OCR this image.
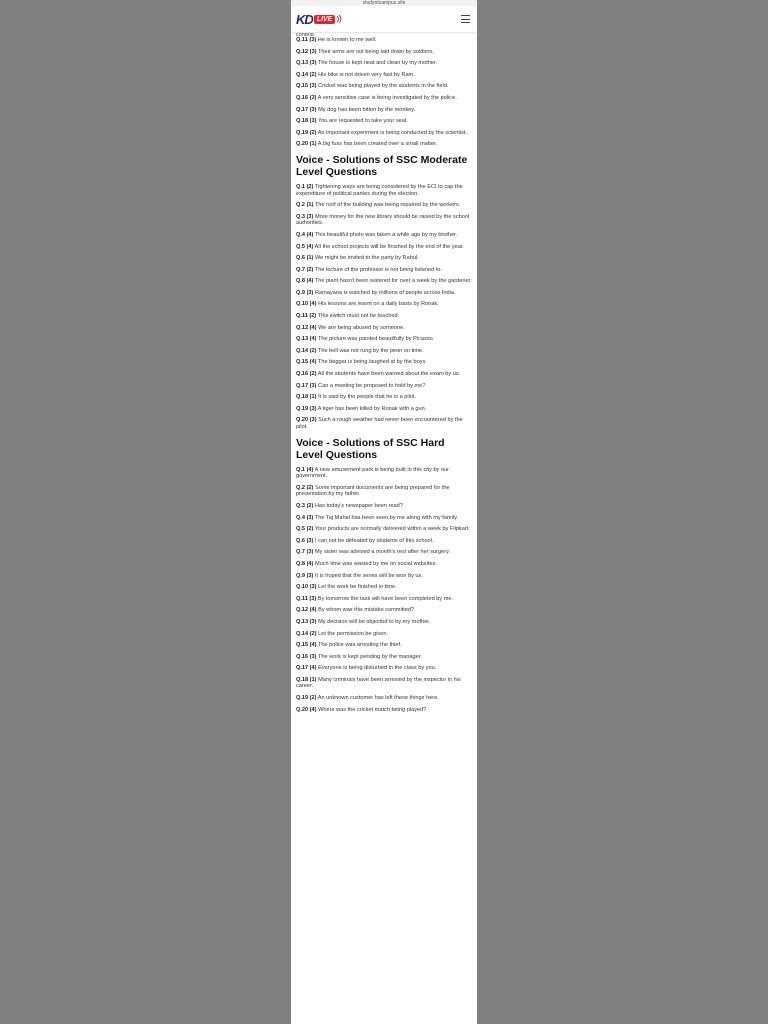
studyotcampus.site
KD LIVE
context.
Q.11 (3) He is known to me well.
Q.12 (3) Their arms are not being laid down by soldiers.
Q.13 (3) The house is kept neat and clean by my mother.
Q.14 (2) His bike is not driven very fast by Ram.
Q.15 (3) Cricket was being played by the students in the field.
Q.16 (3) A very sensitive case is being investigated by the police.
Q.17 (3) My dog has been bitten by the monkey.
Q.18 (3) You are requested to take your seat.
Q.19 (2) An important experiment is being conducted by the scientist.
Q.20 (1) A big fuss has been created over a small matter.
Voice - Solutions of SSC Moderate Level Questions
Q.1 (2) Tightening ways are being considered by the ECI to cap the expenditure of political parties during the election.
Q.2 (1) The roof of the building was being repaired by the workers.
Q.3 (3) More money for the new library should be raised by the school authorities.
Q.4 (4) This beautiful photo was taken a while ago by my brother.
Q.5 (4) All the school projects will be finished by the end of the year.
Q.6 (1) We might be invited to the party by Rahul.
Q.7 (2) The lecture of the professor is not being listened to.
Q.8 (4) The plant hasn't been watered for over a week by the gardener.
Q.9 (3) Ramayana is watched by millions of people across India.
Q.10 (4) His lessons are learnt on a daily basis by Ronak.
Q.11 (2) This switch must not be touched.
Q.12 (4) We are being abused by someone.
Q.13 (4) The picture was painted beautifully by Picasso.
Q.14 (2) The bell was not rung by the peon on time.
Q.15 (4) The beggar is being laughed at by the boys.
Q.16 (2) All the students have been warned about the exam by us.
Q.17 (3) Can a meeting be proposed to hold by me?
Q.18 (1) It is said by the people that he is a pilot.
Q.19 (3) A tiger has been killed by Ronak with a gun.
Q.20 (3) Such a rough weather had never been encountered by the pilot.
Voice - Solutions of SSC Hard Level Questions
Q.1 (4) A new amusement park is being built in this city by our government.
Q.2 (2) Some important documents are being prepared for the presentation by my father.
Q.3 (2) Has today's newspaper been read?
Q.4 (3) The Taj Mahal has been seen by me along with my family.
Q.5 (2) Your products are normally delivered within a week by Flipkart.
Q.6 (3) I can not be defeated by students of this school.
Q.7 (3) My sister was advised a month's rest after her surgery.
Q.8 (4) Much time was wasted by me on social websites.
Q.9 (3) It is hoped that the series will be won by us.
Q.10 (3) Let the work be finished in time.
Q.11 (3) By tomorrow the task will have been completed by me.
Q.12 (4) By whom was this mistake committed?
Q.13 (3) My decision will be objected to by my mother.
Q.14 (2) Let the permission be given.
Q.15 (4) The police was arresting the thief.
Q.16 (3) The work is kept pending by the manager.
Q.17 (4) Everyone is being disturbed in the class by you.
Q.18 (1) Many criminals have been arrested by the inspector in his career.
Q.19 (2) An unknown customer has left these things here.
Q.20 (4) Where was the cricket match being played?
